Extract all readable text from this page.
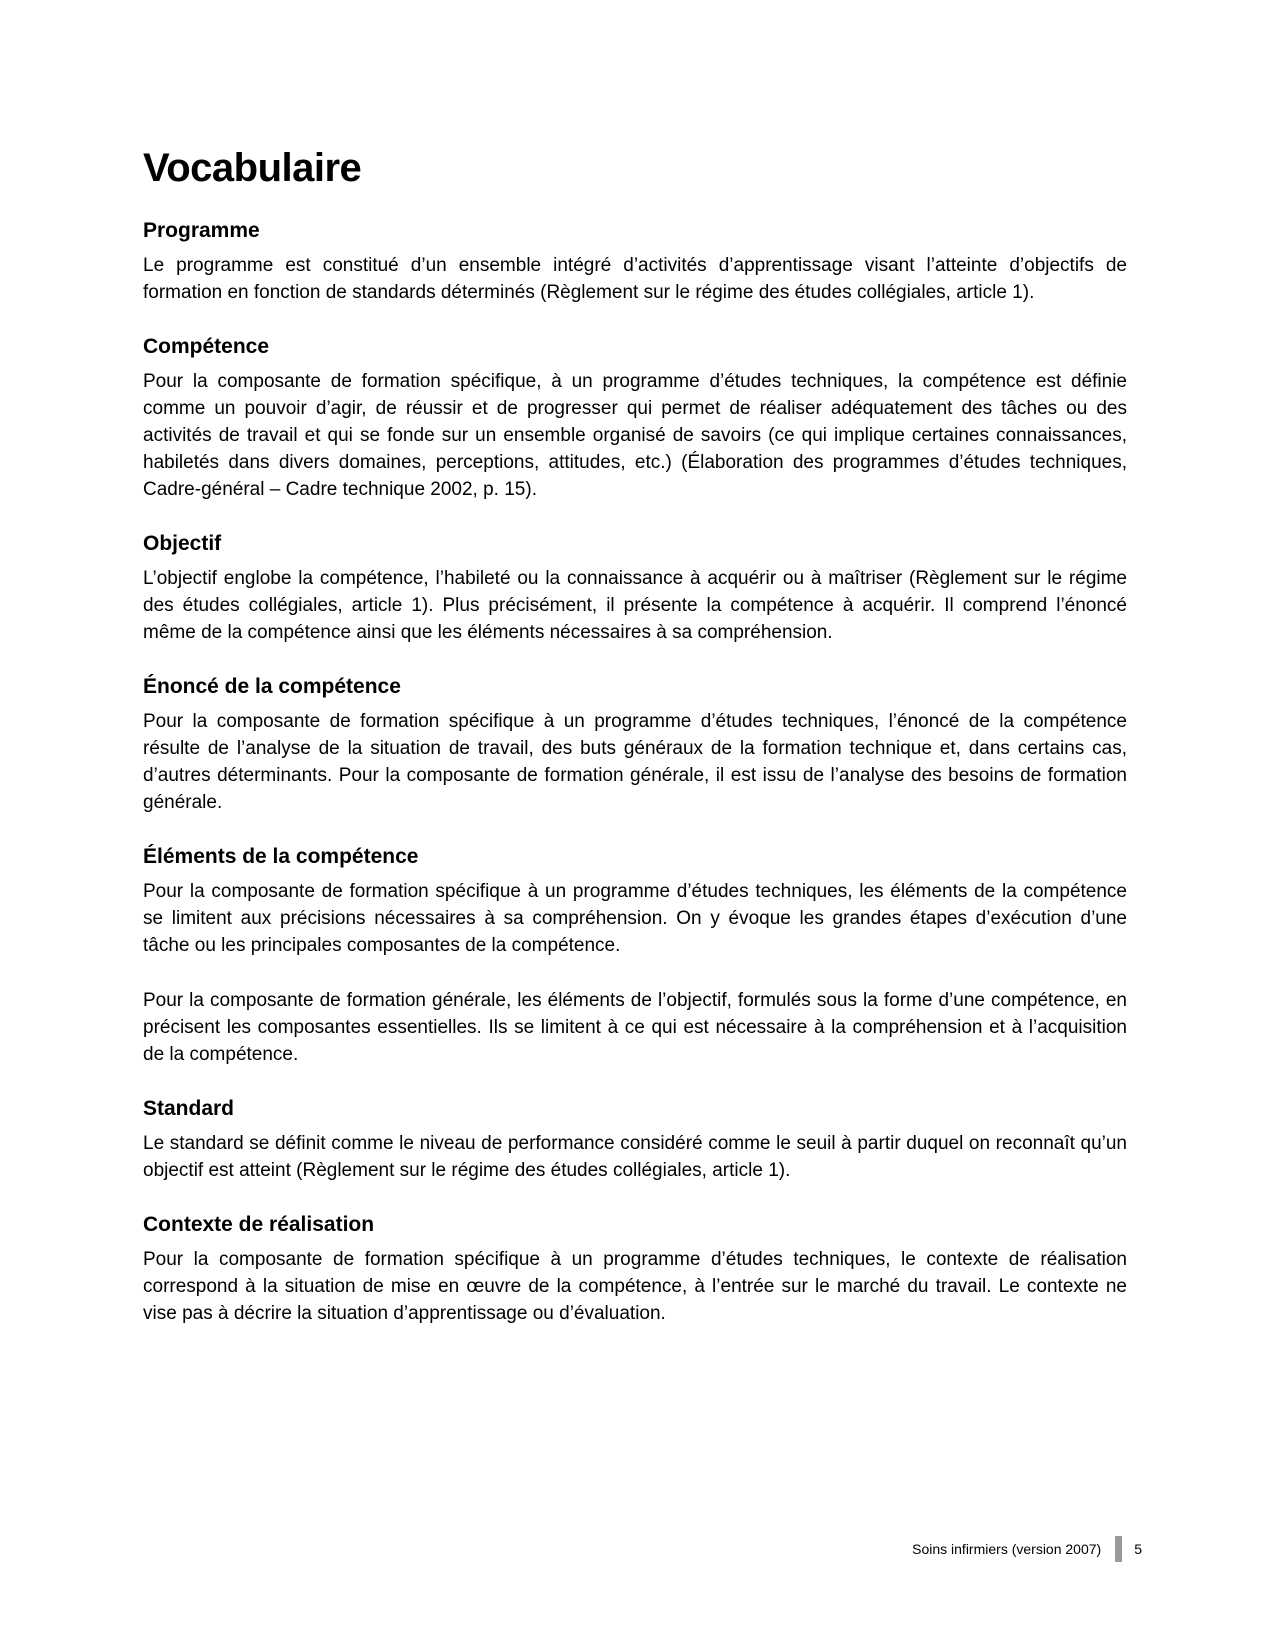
Vocabulaire
Programme

Le programme est constitué d’un ensemble intégré d’activités d’apprentissage visant l’atteinte d’objectifs de formation en fonction de standards déterminés (Règlement sur le régime des études collégiales, article 1).

Compétence

Pour la composante de formation spécifique, à un programme d’études techniques, la compétence est définie comme un pouvoir d’agir, de réussir et de progresser qui permet de réaliser adéquatement des tâches ou des activités de travail et qui se fonde sur un ensemble organisé de savoirs (ce qui implique certaines connaissances, habiletés dans divers domaines, perceptions, attitudes, etc.) (Élaboration des programmes d’études techniques, Cadre-général – Cadre technique 2002, p. 15).

Objectif

L’objectif englobe la compétence, l’habileté ou la connaissance à acquérir ou à maîtriser (Règlement sur le régime des études collégiales, article 1). Plus précisément, il présente la compétence à acquérir. Il comprend l’énoncé même de la compétence ainsi que les éléments nécessaires à sa compréhension.

Énoncé de la compétence

Pour la composante de formation spécifique à un programme d’études techniques, l’énoncé de la compétence résulte de l’analyse de la situation de travail, des buts généraux de la formation technique et, dans certains cas, d’autres déterminants. Pour la composante de formation générale, il est issu de l’analyse des besoins de formation générale.

Éléments de la compétence

Pour la composante de formation spécifique à un programme d’études techniques, les éléments de la compétence se limitent aux précisions nécessaires à sa compréhension. On y évoque les grandes étapes d’exécution d’une tâche ou les principales composantes de la compétence.

Pour la composante de formation générale, les éléments de l’objectif, formulés sous la forme d’une compétence, en précisent les composantes essentielles. Ils se limitent à ce qui est nécessaire à la compréhension et à l’acquisition de la compétence.

Standard

Le standard se définit comme le niveau de performance considéré comme le seuil à partir duquel on reconnaît qu’un objectif est atteint (Règlement sur le régime des études collégiales, article 1).

Contexte de réalisation

Pour la composante de formation spécifique à un programme d’études techniques, le contexte de réalisation correspond à la situation de mise en œuvre de la compétence, à l’entrée sur le marché du travail. Le contexte ne vise pas à décrire la situation d’apprentissage ou d’évaluation.

Soins infirmiers (version 2007) 5
